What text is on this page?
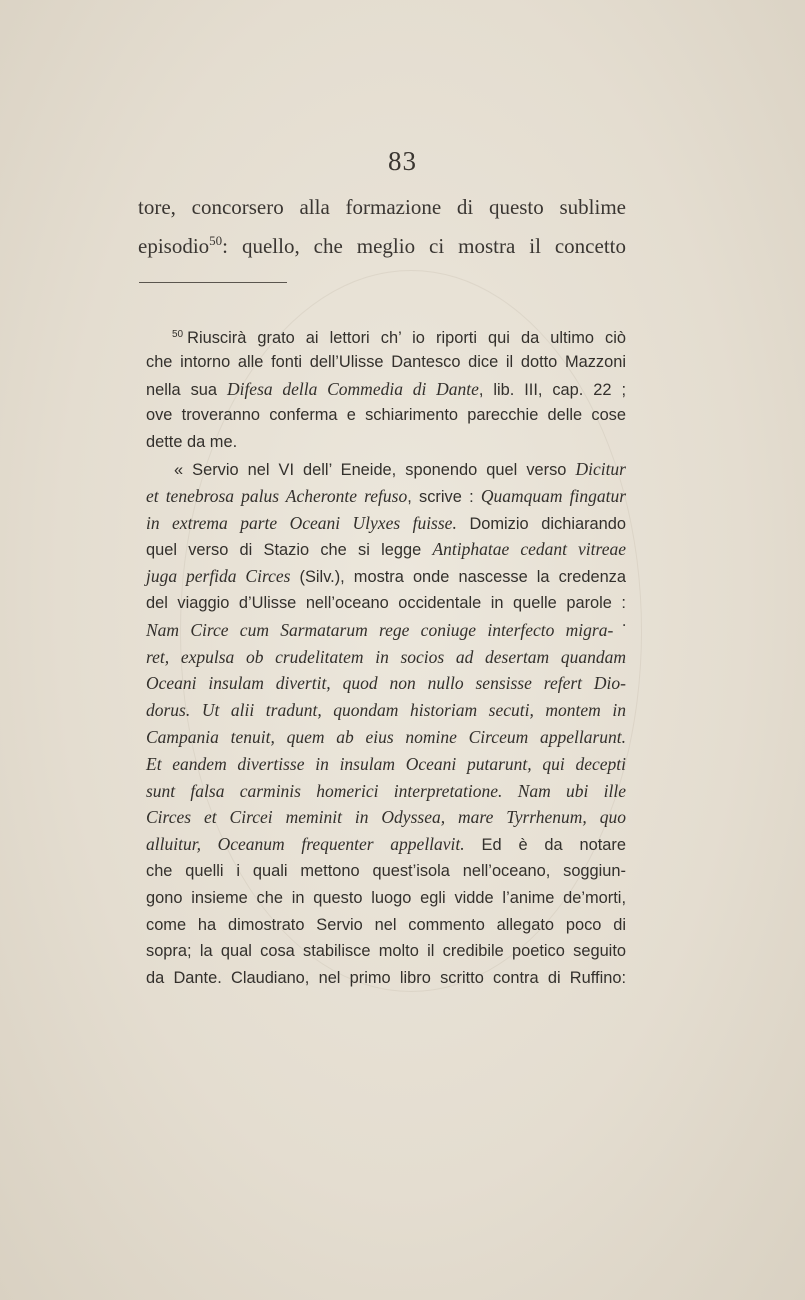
83
tore, concorsero alla formazione di questo sublime
episodio$^{50}$: quello, che meglio ci mostra il concetto
$^{50}$ Riuscirà grato ai lettori ch’ io riporti qui da ultimo ciò
che intorno alle fonti dell’Ulisse Dantesco dice il dotto Mazzoni
nella sua Difesa della Commedia di Dante, lib. III, cap. 22 ;
ove troveranno conferma e schiarimento parecchie delle cose
dette da me.
« Servio nel VI dell’ Eneide, sponendo quel verso Dicitur
et tenebrosa palus Acheronte refuso, scrive : Quamquam fingatur
in extrema parte Oceani Ulyxes fuisse. Domizio dichiarando
quel verso di Stazio che si legge Antiphatae cedant vitreae
juga perfida Circes (Silv.), mostra onde nascesse la credenza
del viaggio d’Ulisse nell’oceano occidentale in quelle parole :
Nam Circe cum Sarmatarum rege coniuge interfecto migra-˙
ret, expulsa ob crudelitatem in socios ad desertam quandam
Oceani insulam divertit, quod non nullo sensisse refert Dio-
dorus. Ut alii tradunt, quondam historiam secuti, montem in
Campania tenuit, quem ab eius nomine Circeum appellarunt.
Et eandem divertisse in insulam Oceani putarunt, qui decepti
sunt falsa carminis homerici interpretatione. Nam ubi ille
Circes et Circei meminit in Odyssea, mare Tyrrhenum, quo
alluitur, Oceanum frequenter appellavit. Ed è da notare
che quelli i quali mettono quest’isola nell’oceano, soggiun-
gono insieme che in questo luogo egli vidde l’anime de’morti,
come ha dimostrato Servio nel commento allegato poco di
sopra; la qual cosa stabilisce molto il credibile poetico seguito
da Dante. Claudiano, nel primo libro scritto contra di Ruffino:
